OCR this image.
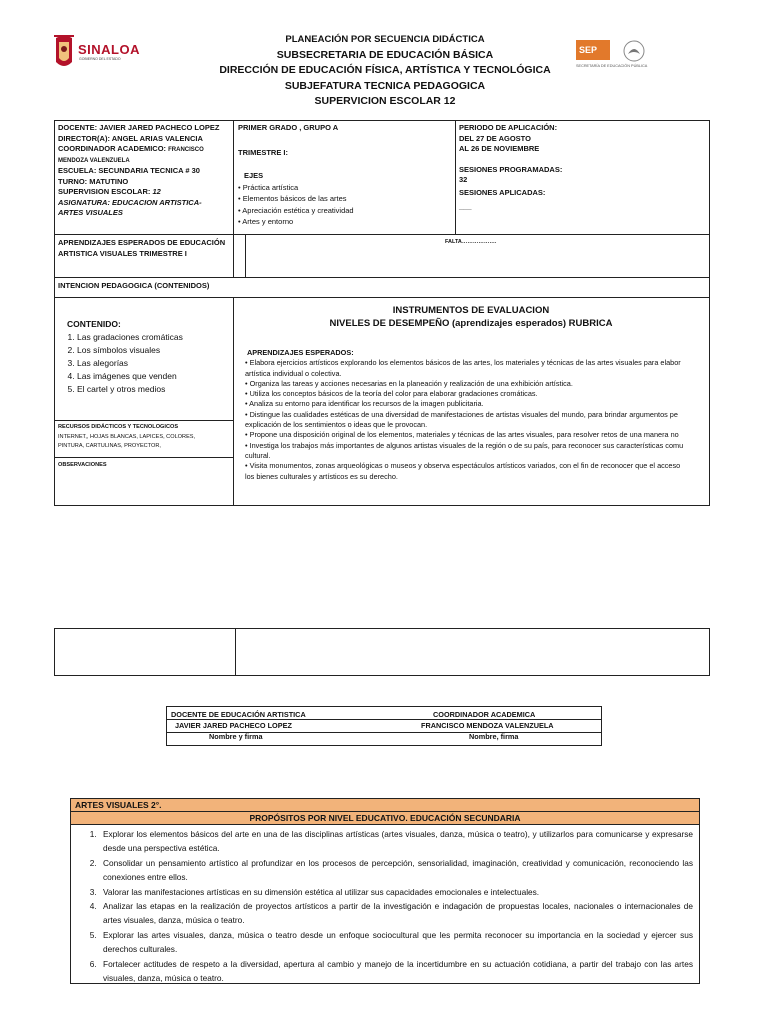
SINALOA
GOBIERNO DEL ESTADO
SEP
SECRETARÍA DE EDUCACIÓN PÚBLICA
PLANEACIÓN POR SECUENCIA DIDÁCTICA
SUBSECRETARIA DE EDUCACIÓN BÁSICA
DIRECCIÓN DE EDUCACIÓN FÍSICA, ARTÍSTICA Y TECNOLÓGICA
SUBJEFATURA TECNICA PEDAGOGICA
SUPERVICION ESCOLAR 12
DOCENTE: JAVIER JARED PACHECO LOPEZ
DIRECTOR(A): ANGEL ARIAS VALENCIA
COORDINADOR ACADEMICO: FRANCISCO
MENDOZA VALENZUELA
ESCUELA: SECUNDARIA TECNICA # 30
TURNO: MATUTINO
SUPERVISION ESCOLAR: 12
ASIGNATURA: EDUCACION ARTISTICA-
ARTES VISUALES
PRIMER GRADO , GRUPO A
TRIMESTRE I:
EJES
• Práctica artística
• Elementos básicos de las artes
• Apreciación estética y creatividad
• Artes y entorno
PERIODO DE APLICACIÓN:
DEL 27 DE AGOSTO
AL 26 DE NOVIEMBRE
SESIONES PROGRAMADAS:
32
SESIONES APLICADAS:
___
APRENDIZAJES ESPERADOS DE EDUCACIÓN
ARTISTICA VISUALES TRIMESTRE I
FALTA……………….
INTENCION PEDAGOGICA (CONTENIDOS)
CONTENIDO:
1. Las gradaciones cromáticas
2. Los símbolos visuales
3. Las alegorías
4. Las imágenes que venden
5. El cartel y otros medios
RECURSOS DIDÁCTICOS Y TECNOLOGICOS
INTERNET,, HOJAS BLANCAS, LAPICES, COLORES,
PINTURA, CARTULINAS, PROYECTOR,
OBSERVACIONES
INSTRUMENTOS DE EVALUACION
NIVELES DE DESEMPEÑO (aprendizajes esperados) RUBRICA
APRENDIZAJES ESPERADOS:
• Elabora ejercicios artísticos explorando los elementos básicos de las artes, los materiales y técnicas de las artes visuales para elabor
artística individual o colectiva.
• Organiza las tareas y acciones necesarias en la planeación y realización de una exhibición artística.
• Utiliza los conceptos básicos de la teoría del color para elaborar gradaciones cromáticas.
• Analiza su entorno para identificar los recursos de la imagen publicitaria.
• Distingue las cualidades estéticas de una diversidad de manifestaciones de artistas visuales del mundo, para brindar argumentos pe
explicación de los sentimientos o ideas que le provocan.
• Propone una disposición original de los elementos, materiales y técnicas de las artes visuales, para resolver retos de una manera no
• Investiga los trabajos más importantes de algunos artistas visuales de la región o de su país, para reconocer sus características comu
cultural.
• Visita monumentos, zonas arqueológicas o museos y observa espectáculos artísticos variados, con el fin de reconocer que el acceso
los bienes culturales y artísticos es su derecho.
DOCENTE DE EDUCACIÓN ARTISTICA
JAVIER JARED PACHECO LOPEZ
Nombre y firma
COORDINADOR ACADEMICA
FRANCISCO MENDOZA VALENZUELA
Nombre, firma
ARTES VISUALES 2°.
PROPÓSITOS POR NIVEL EDUCATIVO. EDUCACIÓN SECUNDARIA
1. Explorar los elementos básicos del arte en una de las disciplinas artísticas (artes visuales, danza, música o teatro), y utilizarlos para comunicarse y expresarse desde una perspectiva estética.
2. Consolidar un pensamiento artístico al profundizar en los procesos de percepción, sensorialidad, imaginación, creatividad y comunicación, reconociendo las conexiones entre ellos.
3. Valorar las manifestaciones artísticas en su dimensión estética al utilizar sus capacidades emocionales e intelectuales.
4. Analizar las etapas en la realización de proyectos artísticos a partir de la investigación e indagación de propuestas locales, nacionales o internacionales de artes visuales, danza, música o teatro.
5. Explorar las artes visuales, danza, música o teatro desde un enfoque sociocultural que les permita reconocer su importancia en la sociedad y ejercer sus derechos culturales.
6. Fortalecer actitudes de respeto a la diversidad, apertura al cambio y manejo de la incertidumbre en su actuación cotidiana, a partir del trabajo con las artes visuales, danza, música o teatro.
